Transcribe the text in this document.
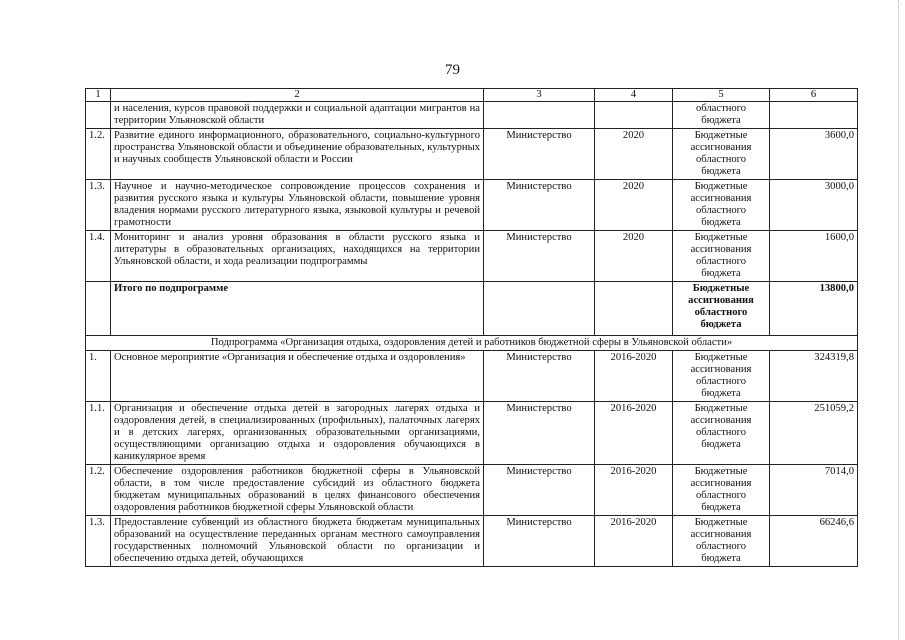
79
1	2	3	4	5	6
	и населения, курсов правовой поддержки и социальной адаптации мигрантов на территории Ульяновской области			областного бюджета	
1.2.	Развитие единого информационного, образовательного, социально-культурного пространства Ульяновской области и объединение образовательных, культурных и научных сообществ Ульяновской области и России	Министерство	2020	Бюджетные ассигнования областного бюджета	3600,0
1.3.	Научное и научно-методическое сопровождение процессов сохранения и развития русского языка и культуры Ульяновской области, повышение уровня владения нормами русского литературного языка, языковой культуры и речевой грамотности	Министерство	2020	Бюджетные ассигнования областного бюджета	3000,0
1.4.	Мониторинг и анализ уровня образования в области русского языка и литературы в образовательных организациях, находящихся на территории Ульяновской области, и хода реализации подпрограммы	Министерство	2020	Бюджетные ассигнования областного бюджета	1600,0
	Итого по подпрограмме			Бюджетные ассигнования областного бюджета	13800,0
Подпрограмма «Организация отдыха, оздоровления детей и работников бюджетной сферы в Ульяновской области»					
1.	Основное мероприятие «Организация и обеспечение отдыха и оздоровления»	Министерство	2016-2020	Бюджетные ассигнования областного бюджета	324319,8
1.1.	Организация и обеспечение отдыха детей в загородных лагерях отдыха и оздоровления детей, в специализированных (профильных), палаточных лагерях и в детских лагерях, организованных образовательными организациями, осуществляющими организацию отдыха и оздоровления обучающихся в каникулярное время	Министерство	2016-2020	Бюджетные ассигнования областного бюджета	251059,2
1.2.	Обеспечение оздоровления работников бюджетной сферы в Ульяновской области, в том числе предоставление субсидий из областного бюджета бюджетам муниципальных образований в целях финансового обеспечения оздоровления работников бюджетной сферы Ульяновской области	Министерство	2016-2020	Бюджетные ассигнования областного бюджета	7014,0
1.3.	Предоставление субвенций из областного бюджета бюджетам муниципальных образований на осуществление переданных органам местного самоуправления государственных полномочий Ульяновской области по организации и обеспечению отдыха детей, обучающихся	Министерство	2016-2020	Бюджетные ассигнования областного бюджета	66246,6
